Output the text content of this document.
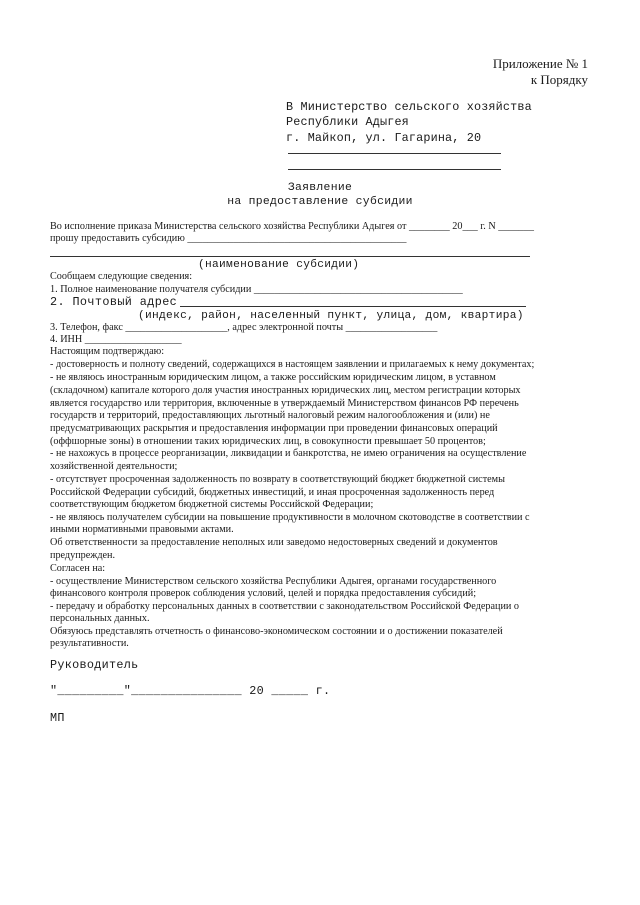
Приложение № 1
к Порядку
В Министерство сельского хозяйства
Республики Адыгея
г. Майкоп, ул. Гагарина, 20
Заявление
на предоставление субсидии
Во исполнение приказа Министерства сельского хозяйства Республики Адыгея от ________ 20___ г. N _______
прошу предоставить субсидию ___________________________________________
(наименование субсидии)
Сообщаем следующие сведения:
1. Полное наименование получателя субсидии _________________________________________
2. Почтовый адрес
(индекс, район, населенный пункт, улица, дом, квартира)
3. Телефон, факс ____________________, адрес электронной почты __________________
4. ИНН ___________________
Настоящим подтверждаю:
- достоверность и полноту сведений, содержащихся в настоящем заявлении и прилагаемых к нему документах;
- не являюсь иностранным юридическим лицом, а также российским юридическим лицом, в уставном
(складочном) капитале которого доля участия иностранных юридических лиц, местом регистрации которых
является государство или территория, включенные в утверждаемый Министерством финансов РФ перечень
государств и территорий, предоставляющих льготный налоговый режим налогообложения и (или) не
предусматривающих раскрытия и предоставления информации при проведении финансовых операций
(оффшорные зоны) в отношении таких юридических лиц, в совокупности превышает 50 процентов;
- не нахожусь в процессе реорганизации, ликвидации и банкротства, не имею ограничения на осуществление
хозяйственной деятельности;
- отсутствует просроченная задолженность по возврату в соответствующий бюджет бюджетной системы
Российской Федерации субсидий, бюджетных инвестиций, и иная просроченная задолженность перед
соответствующим бюджетом бюджетной системы Российской Федерации;
- не являюсь получателем субсидии на повышение продуктивности в молочном скотоводстве в соответствии с
иными нормативными правовыми актами.
Об ответственности за предоставление неполных или заведомо недостоверных сведений и документов
предупрежден.
Согласен на:
- осуществление Министерством сельского хозяйства Республики Адыгея, органами государственного
финансового контроля проверок соблюдения условий, целей и порядка предоставления субсидий;
- передачу и обработку персональных данных в соответствии с законодательством Российской Федерации о
персональных данных.
Обязуюсь представлять отчетность о финансово-экономическом состоянии и о достижении показателей
результативности.
Руководитель
"_________"_______________ 20 _____ г.
МП
